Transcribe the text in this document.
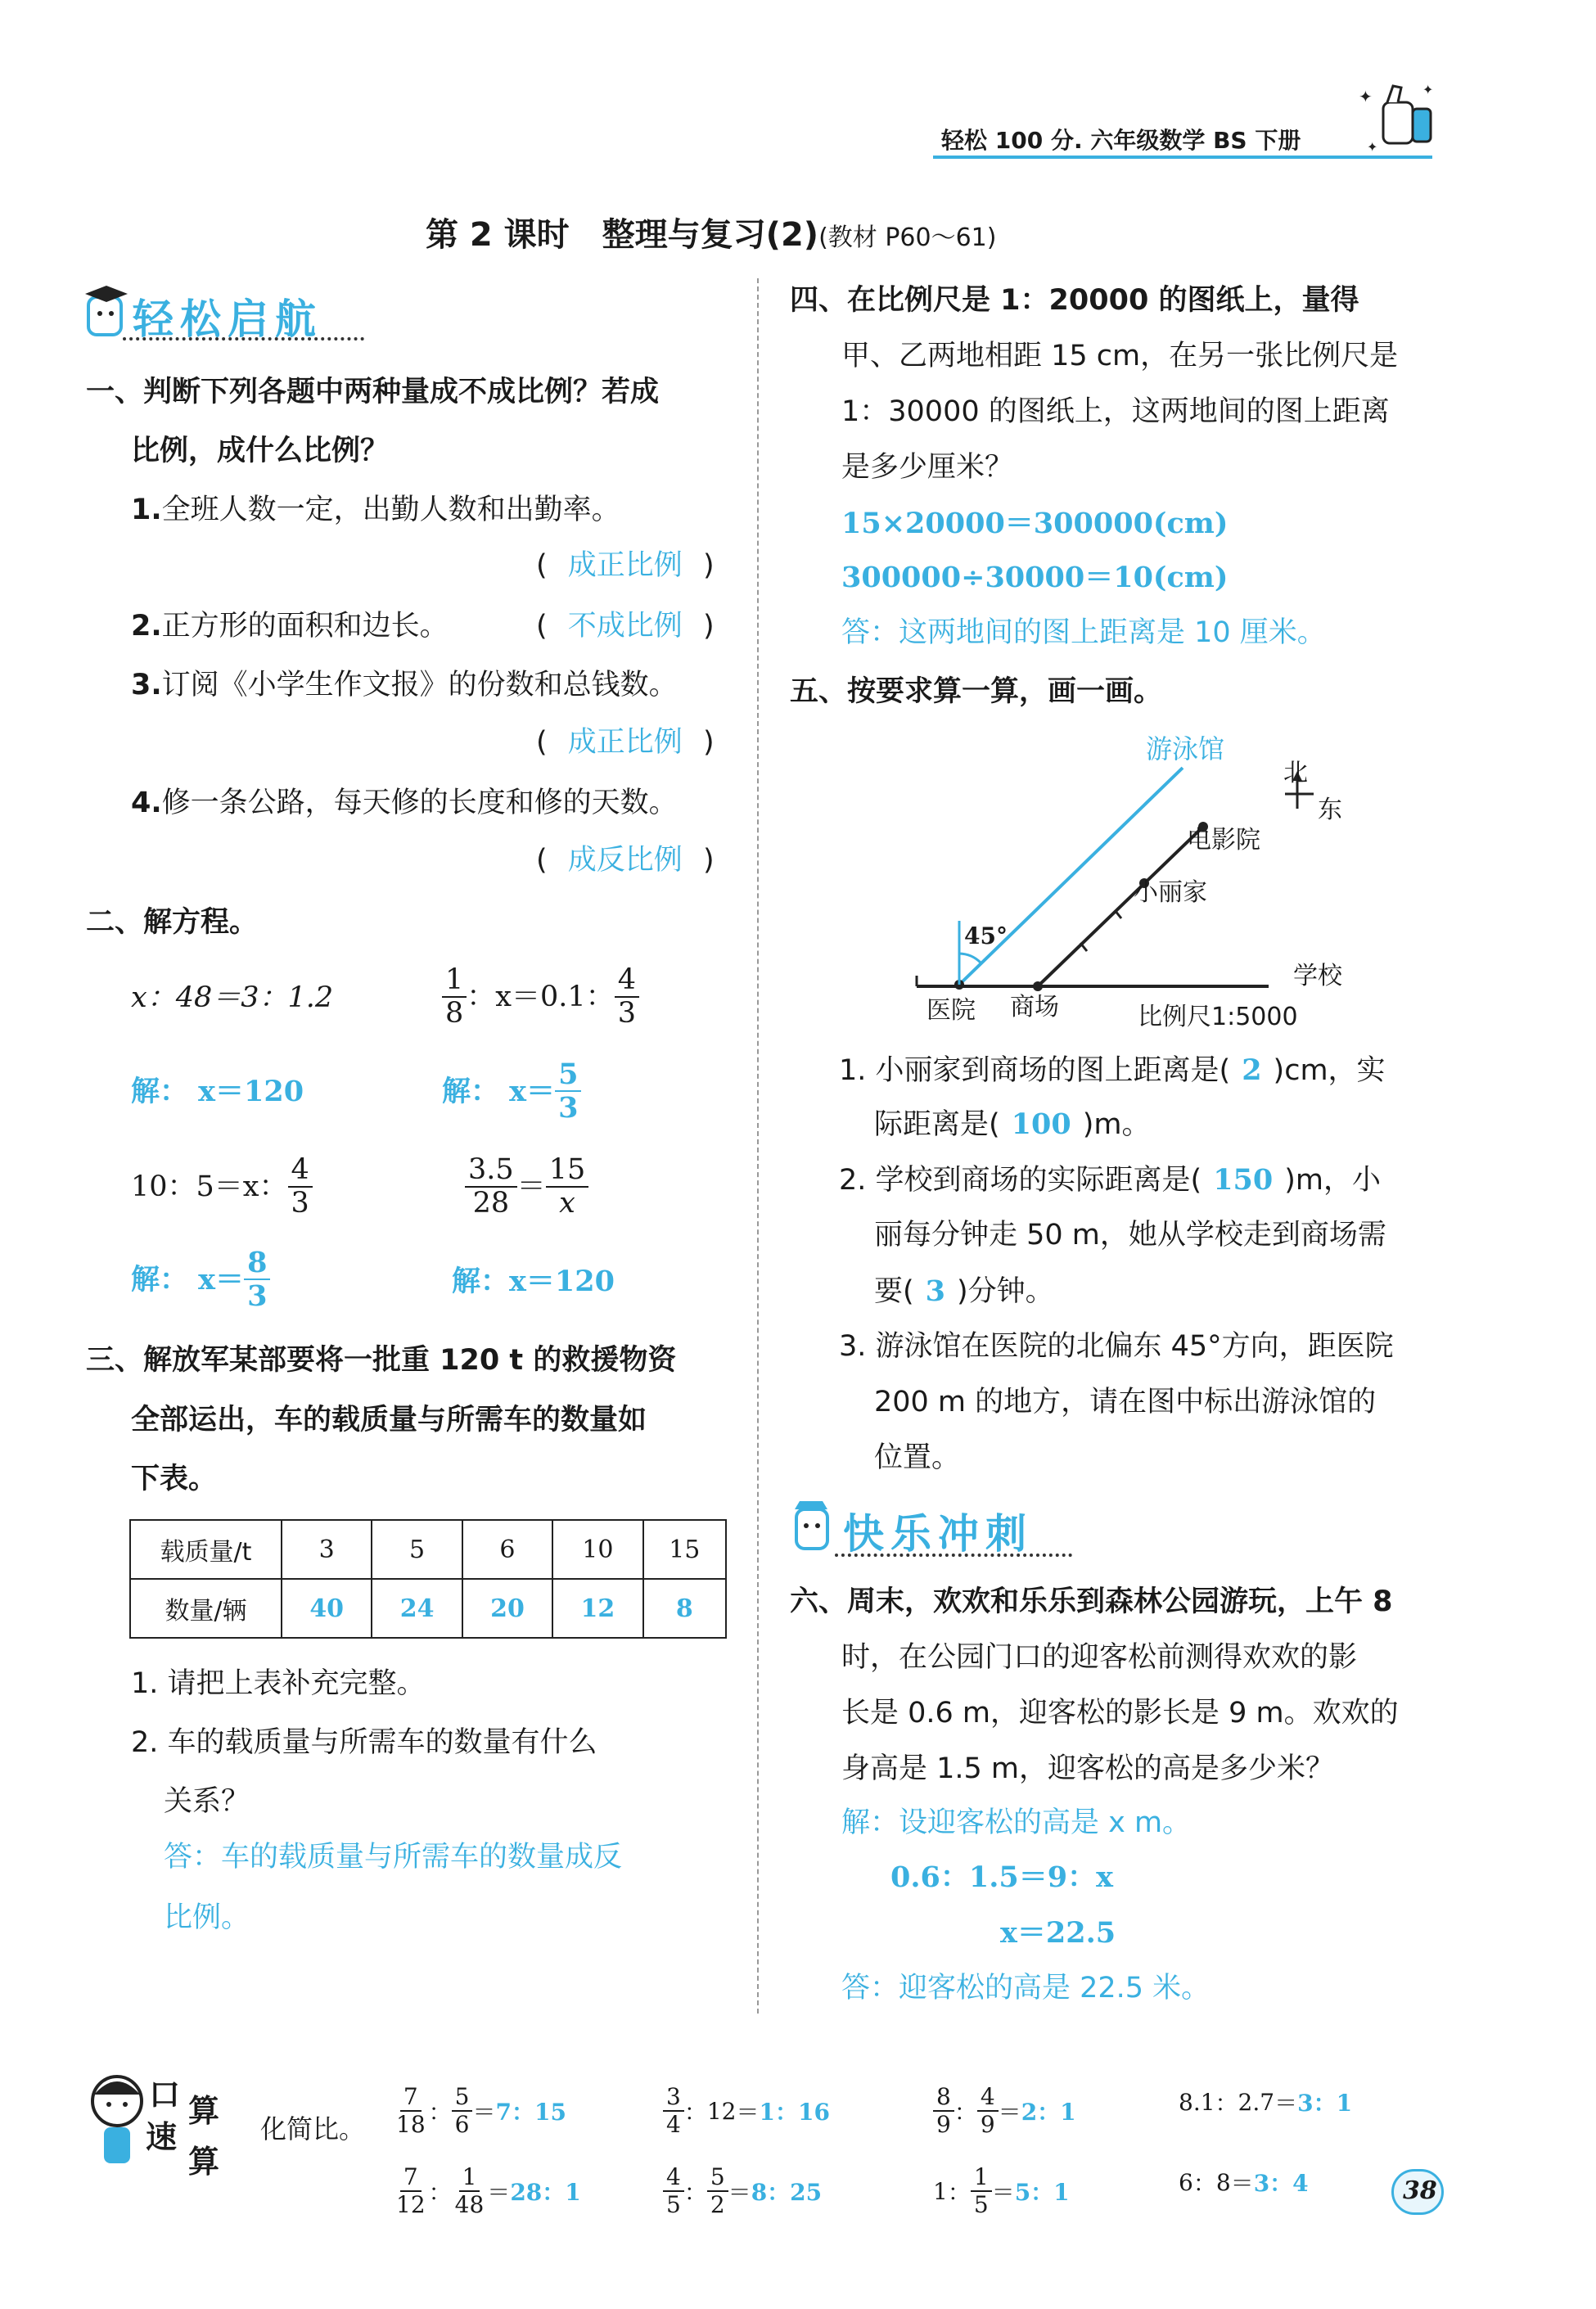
轻松 100 分. 六年级数学 BS 下册
✦	✦
✦
第 2 课时　整理与复习(2)(教材 P60～61)
轻松启航
一、判断下列各题中两种量成不成比例？若成
比例，成什么比例？
1.全班人数一定，出勤人数和出勤率。
( 成正比例 )
2.正方形的面积和边长。	( 不成比例 )
3.订阅《小学生作文报》的份数和总钱数。
( 成正比例 )
4.修一条公路，每天修的长度和修的天数。
( 成反比例 )
二、解方程。
x：48＝3：1.2	$\frac{1}{8}$ ：x＝0.1： $\frac{4}{3}$
解： x＝120	解： $x= \frac{5}{3}$
10：5＝x： $\frac{4}{3}$	$\frac{3.5}{28} = \frac{15}{x}$
解： $x= \frac{8}{3}$	解：x＝120
三、解放军某部要将一批重 120 t 的救援物资
全部运出，车的载质量与所需车的数量如
下表。
载质量/t	3	5	6	10	15
数量/辆	40	24	20	12	8
1. 请把上表补充完整。
2. 车的载质量与所需车的数量有什么
关系？
答：车的载质量与所需车的数量成反
比例。
四、在比例尺是 1：20000 的图纸上，量得
甲、乙两地相距 15 cm，在另一张比例尺是
1：30000 的图纸上，这两地间的图上距离
是多少厘米？
15×20000＝300000(cm)
300000÷30000＝10(cm)
答：这两地间的图上距离是 10 厘米。
五、按要求算一算，画一画。
游泳馆
北
东
电影院
小丽家
45°
医院 商场
学校
比例尺1:5000
1. 小丽家到商场的图上距离是( 2 )cm，实
际距离是( 100 )m。
2. 学校到商场的实际距离是( 150 )m，小
丽每分钟走 50 m，她从学校走到商场需
要( 3 )分钟。
3. 游泳馆在医院的北偏东 45°方向，距医院
200 m 的地方，请在图中标出游泳馆的
位置。
快乐冲刺
六、周末，欢欢和乐乐到森林公园游玩，上午 8
时，在公园门口的迎客松前测得欢欢的影
长是 0.6 m，迎客松的影长是 9 m。欢欢的
身高是 1.5 m，迎客松的高是多少米？
解：设迎客松的高是 x m。
0.6：1.5＝9：x
x＝22.5
答：迎客松的高是 22.5 米。
口 算
速
算
化简比。 $\frac{7}{18}$ ： $\frac{5}{6} = 7$：15	$\frac{3}{4}$ ： 12 ＝ 1：16	$\frac{8}{9}$ ： $\frac{4}{9} = 2$：1	8.1 ： 2.7 ＝ 3：1
$\frac{7}{12}$ ： $\frac{1}{48} = 28$：1	$\frac{4}{5}$ ： $\frac{5}{2} = 8$：25	1 ： $\frac{1}{5} = 5$：1	6 ： 8 ＝ 3：4	38
